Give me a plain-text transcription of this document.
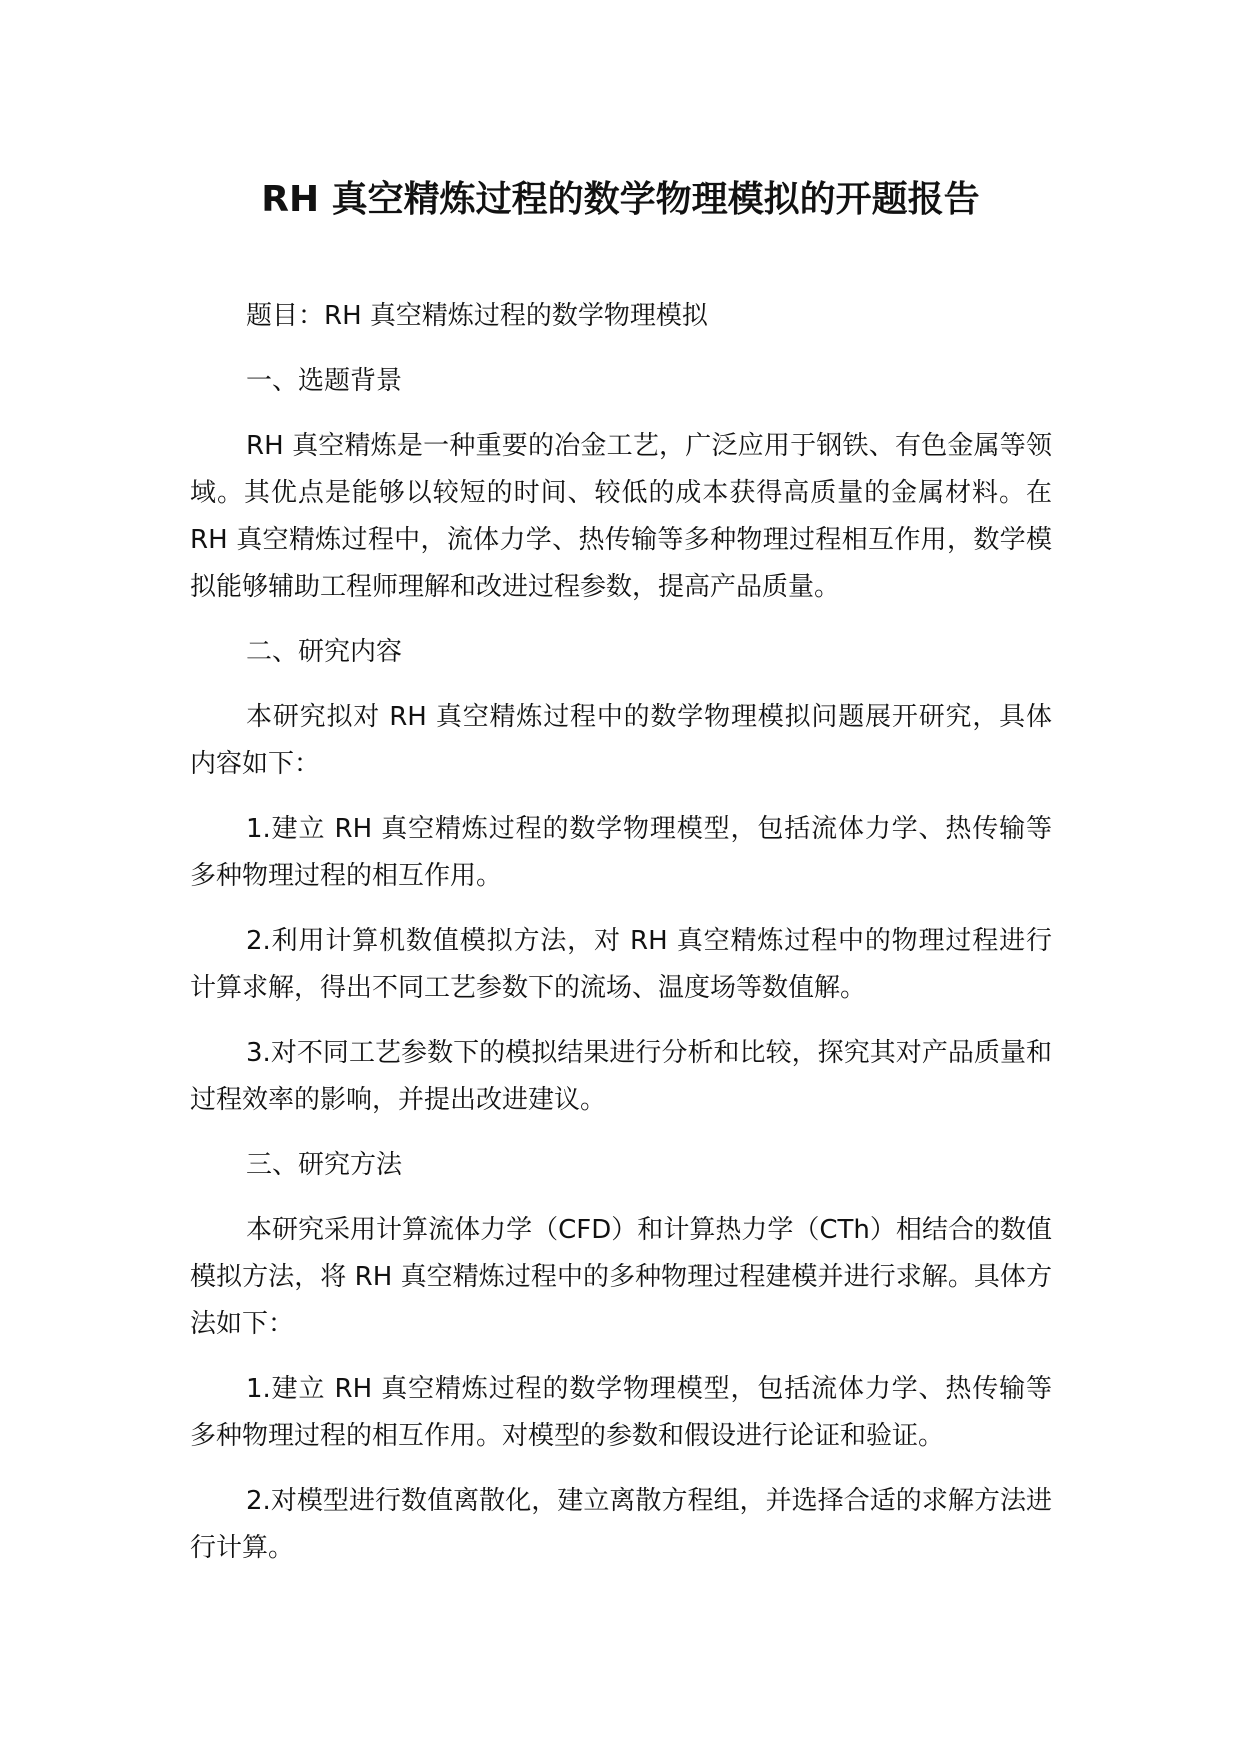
RH 真空精炼过程的数学物理模拟的开题报告

题目：RH 真空精炼过程的数学物理模拟

一、选题背景

RH 真空精炼是一种重要的冶金工艺，广泛应用于钢铁、有色金属等领域。其优点是能够以较短的时间、较低的成本获得高质量的金属材料。在 RH 真空精炼过程中，流体力学、热传输等多种物理过程相互作用，数学模拟能够辅助工程师理解和改进过程参数，提高产品质量。

二、研究内容

本研究拟对 RH 真空精炼过程中的数学物理模拟问题展开研究，具体内容如下：

1.建立 RH 真空精炼过程的数学物理模型，包括流体力学、热传输等多种物理过程的相互作用。

2.利用计算机数值模拟方法，对 RH 真空精炼过程中的物理过程进行计算求解，得出不同工艺参数下的流场、温度场等数值解。

3.对不同工艺参数下的模拟结果进行分析和比较，探究其对产品质量和过程效率的影响，并提出改进建议。

三、研究方法

本研究采用计算流体力学（CFD）和计算热力学（CTh）相结合的数值模拟方法，将 RH 真空精炼过程中的多种物理过程建模并进行求解。具体方法如下：

1.建立 RH 真空精炼过程的数学物理模型，包括流体力学、热传输等多种物理过程的相互作用。对模型的参数和假设进行论证和验证。

2.对模型进行数值离散化，建立离散方程组，并选择合适的求解方法进行计算。
